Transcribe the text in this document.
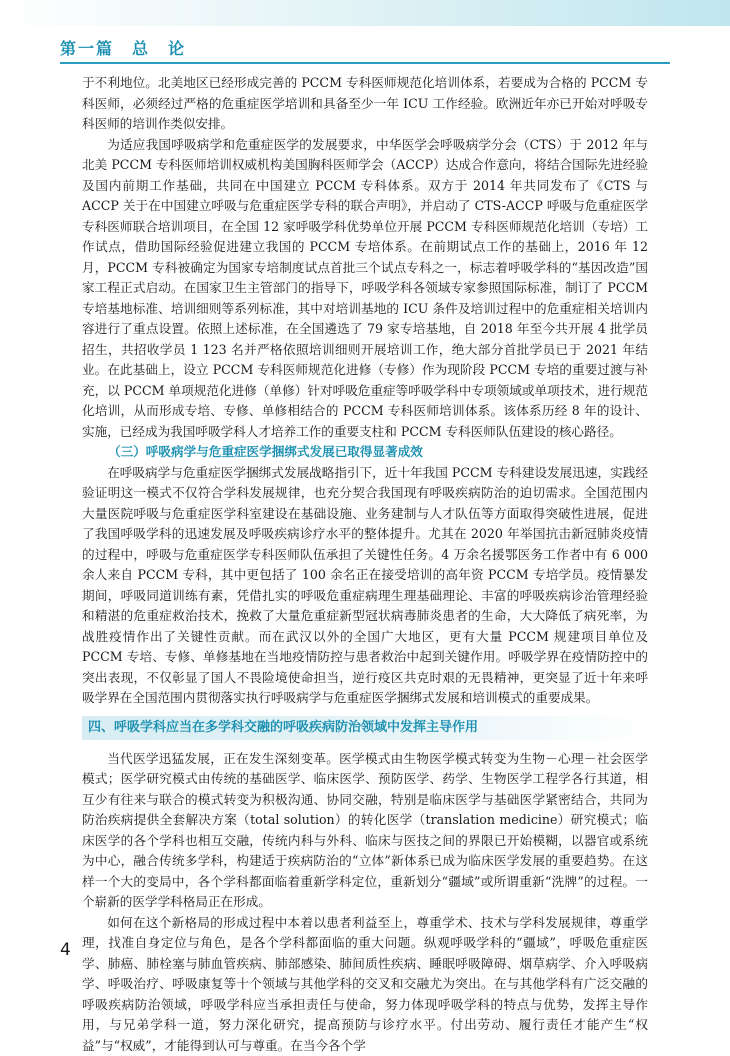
第一篇　总　论

于不利地位。北美地区已经形成完善的 PCCM 专科医师规范化培训体系，若要成为合格的 PCCM 专科医师，必须经过严格的危重症医学培训和具备至少一年 ICU 工作经验。欧洲近年亦已开始对呼吸专科医师的培训作类似安排。

为适应我国呼吸病学和危重症医学的发展要求，中华医学会呼吸病学分会（CTS）于 2012 年与北美 PCCM 专科医师培训权威机构美国胸科医师学会（ACCP）达成合作意向，将结合国际先进经验及国内前期工作基础，共同在中国建立 PCCM 专科体系。双方于 2014 年共同发布了《CTS 与 ACCP 关于在中国建立呼吸与危重症医学专科的联合声明》，并启动了 CTS-ACCP 呼吸与危重症医学专科医师联合培训项目，在全国 12 家呼吸学科优势单位开展 PCCM 专科医师规范化培训（专培）工作试点，借助国际经验促进建立我国的 PCCM 专培体系。在前期试点工作的基础上，2016 年 12 月，PCCM 专科被确定为国家专培制度试点首批三个试点专科之一，标志着呼吸学科的“基因改造”国家工程正式启动。在国家卫生主管部门的指导下，呼吸学科各领域专家参照国际标准，制订了 PCCM 专培基地标准、培训细则等系列标准，其中对培训基地的 ICU 条件及培训过程中的危重症相关培训内容进行了重点设置。依照上述标准，在全国遴选了 79 家专培基地，自 2018 年至今共开展 4 批学员招生，共招收学员 1 123 名并严格依照培训细则开展培训工作，绝大部分首批学员已于 2021 年结业。在此基础上，设立 PCCM 专科医师规范化进修（专修）作为现阶段 PCCM 专培的重要过渡与补充，以 PCCM 单项规范化进修（单修）针对呼吸危重症等呼吸学科中专项领域或单项技术，进行规范化培训，从而形成专培、专修、单修相结合的 PCCM 专科医师培训体系。该体系历经 8 年的设计、实施，已经成为我国呼吸学科人才培养工作的重要支柱和 PCCM 专科医师队伍建设的核心路径。

（三）呼吸病学与危重症医学捆绑式发展已取得显著成效

在呼吸病学与危重症医学捆绑式发展战略指引下，近十年我国 PCCM 专科建设发展迅速，实践经验证明这一模式不仅符合学科发展规律，也充分契合我国现有呼吸疾病防治的迫切需求。全国范围内大量医院呼吸与危重症医学科室建设在基础设施、业务建制与人才队伍等方面取得突破性进展，促进了我国呼吸学科的迅速发展及呼吸疾病诊疗水平的整体提升。尤其在 2020 年举国抗击新冠肺炎疫情的过程中，呼吸与危重症医学专科医师队伍承担了关键性任务。4 万余名援鄂医务工作者中有 6 000 余人来自 PCCM 专科，其中更包括了 100 余名正在接受培训的高年资 PCCM 专培学员。疫情暴发期间，呼吸同道训练有素，凭借扎实的呼吸危重症病理生理基础理论、丰富的呼吸疾病诊治管理经验和精湛的危重症救治技术，挽救了大量危重症新型冠状病毒肺炎患者的生命，大大降低了病死率，为战胜疫情作出了关键性贡献。而在武汉以外的全国广大地区，更有大量 PCCM 规建项目单位及 PCCM 专培、专修、单修基地在当地疫情防控与患者救治中起到关键作用。呼吸学界在疫情防控中的突出表现，不仅彰显了国人不畏险境使命担当，逆行疫区共克时艰的无畏精神，更突显了近十年来呼吸学界在全国范围内贯彻落实执行呼吸病学与危重症医学捆绑式发展和培训模式的重要成果。

四、呼吸学科应当在多学科交融的呼吸疾病防治领域中发挥主导作用

当代医学迅猛发展，正在发生深刻变革。医学模式由生物医学模式转变为生物－心理－社会医学模式；医学研究模式由传统的基础医学、临床医学、预防医学、药学、生物医学工程学各行其道，相互少有往来与联合的模式转变为积极沟通、协同交融，特别是临床医学与基础医学紧密结合，共同为防治疾病提供全套解决方案（total solution）的转化医学（translation medicine）研究模式；临床医学的各个学科也相互交融，传统内科与外科、临床与医技之间的界限已开始模糊，以器官或系统为中心，融合传统多学科，构建适于疾病防治的“立体”新体系已成为临床医学发展的重要趋势。在这样一个大的变局中，各个学科都面临着重新学科定位，重新划分“疆域”或所谓重新“洗牌”的过程。一个崭新的医学学科格局正在形成。

如何在这个新格局的形成过程中本着以患者利益至上，尊重学术、技术与学科发展规律，尊重学理，找准自身定位与角色，是各个学科都面临的重大问题。纵观呼吸学科的“疆域”，呼吸危重症医学、肺癌、肺栓塞与肺血管疾病、肺部感染、肺间质性疾病、睡眠呼吸障碍、烟草病学、介入呼吸病学、呼吸治疗、呼吸康复等十个领域与其他学科的交叉和交融尤为突出。在与其他学科有广泛交融的呼吸疾病防治领域，呼吸学科应当承担责任与使命，努力体现呼吸学科的特点与优势，发挥主导作用，与兄弟学科一道，努力深化研究，提高预防与诊疗水平。付出劳动、履行责任才能产生“权益”与“权威”，才能得到认可与尊重。在当今各个学

4
